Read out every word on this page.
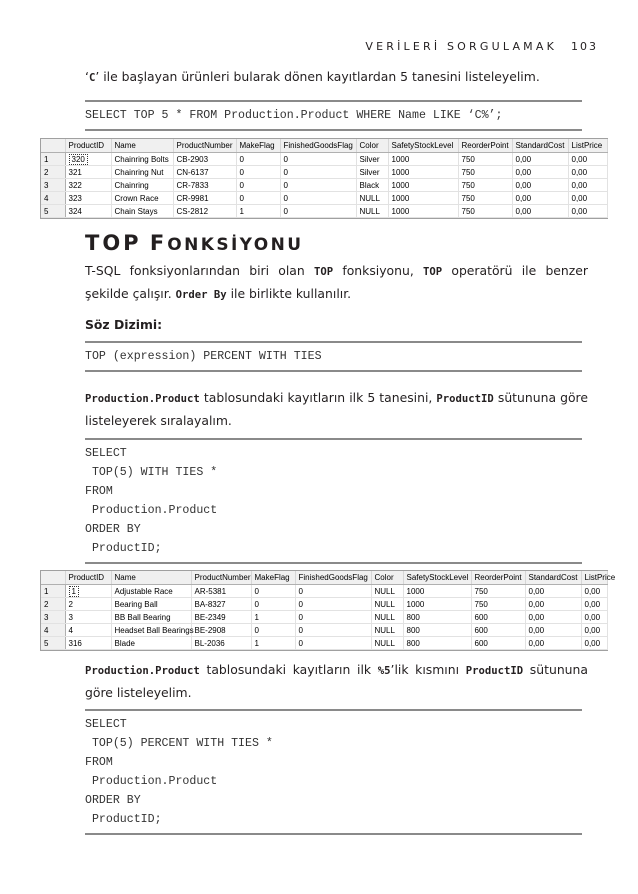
VERİLERİ SORGULAMAK 103
‘C’ ile başlayan ürünleri bularak dönen kayıtlardan 5 tanesini listeleyelim.
SELECT TOP 5 * FROM Production.Product WHERE Name LIKE ‘C%’;
	ProductID	Name	ProductNumber	MakeFlag	FinishedGoodsFlag	Color	SafetyStockLevel	ReorderPoint	StandardCost	ListPrice
1	320	Chainring Bolts	CB-2903	0	0	Silver	1000	750	0,00	0,00
2	321	Chainring Nut	CN-6137	0	0	Silver	1000	750	0,00	0,00
3	322	Chainring	CR-7833	0	0	Black	1000	750	0,00	0,00
4	323	Crown Race	CR-9981	0	0	NULL	1000	750	0,00	0,00
5	324	Chain Stays	CS-2812	1	0	NULL	1000	750	0,00	0,00
TOP FONKSİYONU
T-SQL fonksiyonlarından biri olan TOP fonksiyonu, TOP operatörü ile benzer şekilde çalışır. Order By ile birlikte kullanılır.
Söz Dizimi:
TOP (expression) PERCENT WITH TIES
Production.Product tablosundaki kayıtların ilk 5 tanesini, ProductID sütununa göre listeleyerek sıralayalım.
SELECT
TOP(5) WITH TIES *
FROM
Production.Product
ORDER BY
ProductID;
	ProductID	Name	ProductNumber	MakeFlag	FinishedGoodsFlag	Color	SafetyStockLevel	ReorderPoint	StandardCost	ListPrice
1	1	Adjustable Race	AR-5381	0	0	NULL	1000	750	0,00	0,00
2	2	Bearing Ball	BA-8327	0	0	NULL	1000	750	0,00	0,00
3	3	BB Ball Bearing	BE-2349	1	0	NULL	800	600	0,00	0,00
4	4	Headset Ball Bearings	BE-2908	0	0	NULL	800	600	0,00	0,00
5	316	Blade	BL-2036	1	0	NULL	800	600	0,00	0,00
Production.Product tablosundaki kayıtların ilk %5’lik kısmını ProductID sütununa göre listeleyelim.
SELECT
TOP(5) PERCENT WITH TIES *
FROM
Production.Product
ORDER BY
ProductID;
